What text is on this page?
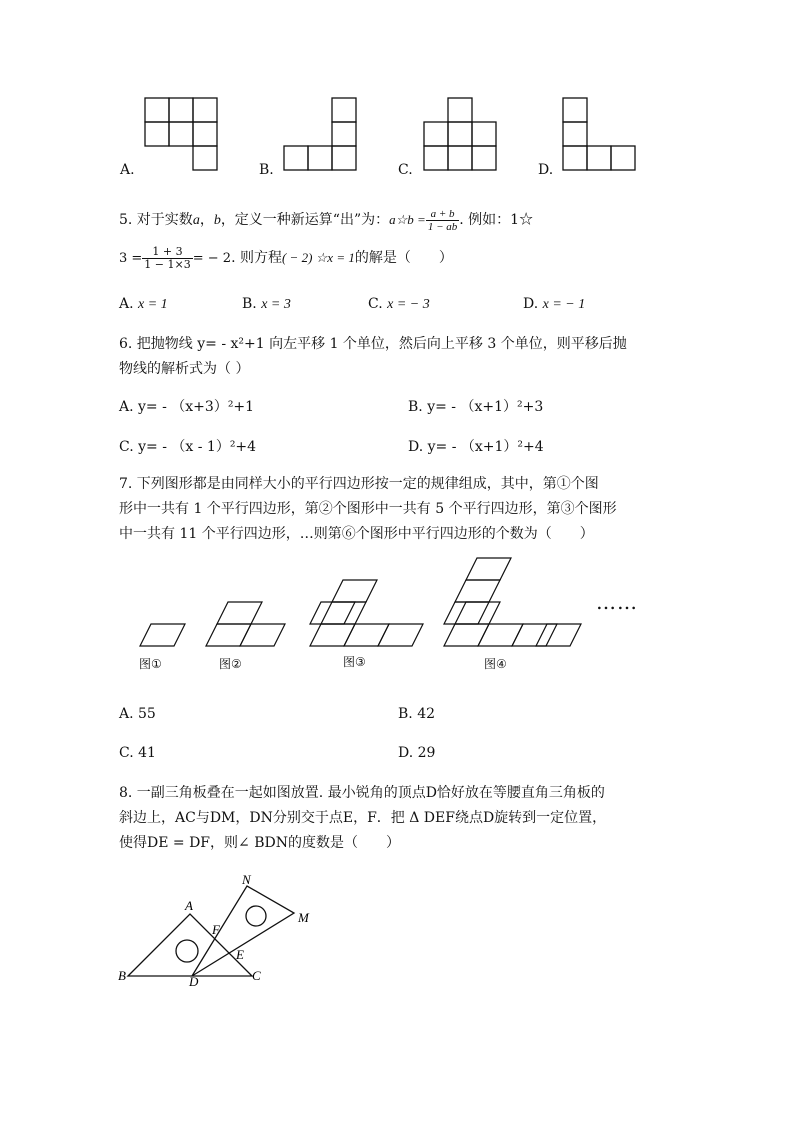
A.	B.	C.	D.
5. 对于实数a，b，定义一种新运算“出”为：a☆b = $\frac{a + b}{1 - ab}$ . 例如：1☆
$3 = \frac{1 + 3}{1 - 1\times 3}$ = − 2. 则方程( − 2) ☆x = 1的解是（　　）
A. x = 1	B. x = 3	C. x = − 3	D. x = − 1
6. 把抛物线 y= - x²+1 向左平移 1 个单位，然后向上平移 3 个单位，则平移后抛
物线的解析式为（ ）
A. y= - （x+3）²+1	B. y= - （x+1）²+3
C. y= - （x - 1）²+4	D. y= - （x+1）²+4
7. 下列图形都是由同样大小的平行四边形按一定的规律组成，其中，第①个图
形中一共有 1 个平行四边形，第②个图形中一共有 5 个平行四边形，第③个图形
中一共有 11 个平行四边形，…则第⑥个图形中平行四边形的个数为（　　）
图①	图②	图③	图④
……
A. 55	B. 42
C. 41	D. 29
8. 一副三角板叠在一起如图放置. 最小锐角的顶点D恰好放在等腰直角三角板的
斜边上，AC与DM，DN分别交于点E，F．把 Δ DEF绕点D旋转到一定位置，
使得DE = DF，则∠ BDN的度数是（　　）
A
B	C
D
E
F
M
N
